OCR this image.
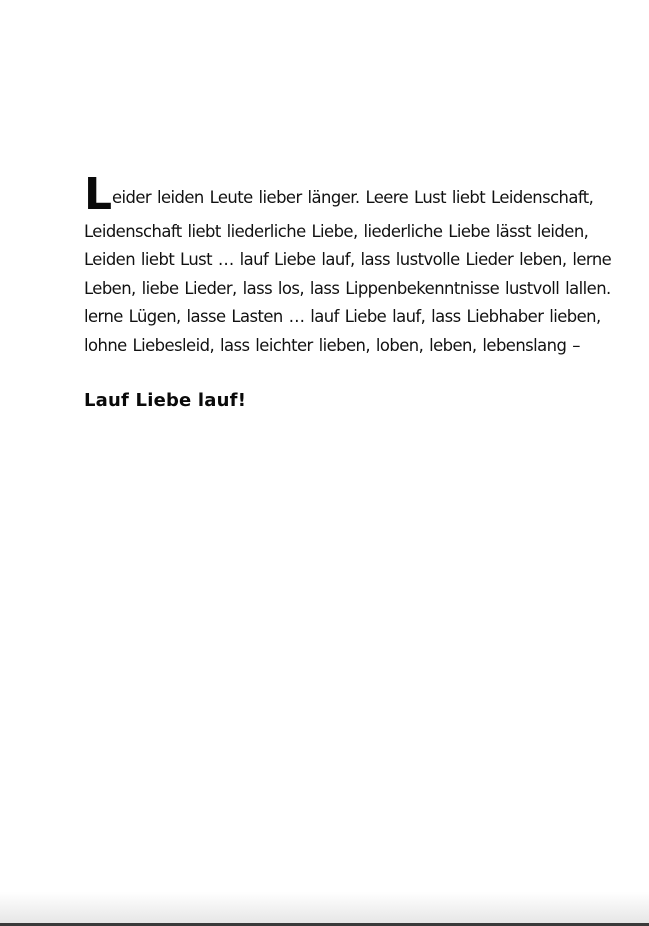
L eider leiden Leute lieber länger. Leere Lust liebt Leidenschaft,
Leidenschaft liebt liederliche Liebe, liederliche Liebe lässt leiden,
Leiden liebt Lust … lauf Liebe lauf, lass lustvolle Lieder leben, lerne
Leben, liebe Lieder, lass los, lass Lippenbekenntnisse lustvoll lallen.
lerne Lügen, lasse Lasten … lauf Liebe lauf, lass Liebhaber lieben,
lohne Liebesleid, lass leichter lieben, loben, leben, lebenslang –
Lauf Liebe lauf!
